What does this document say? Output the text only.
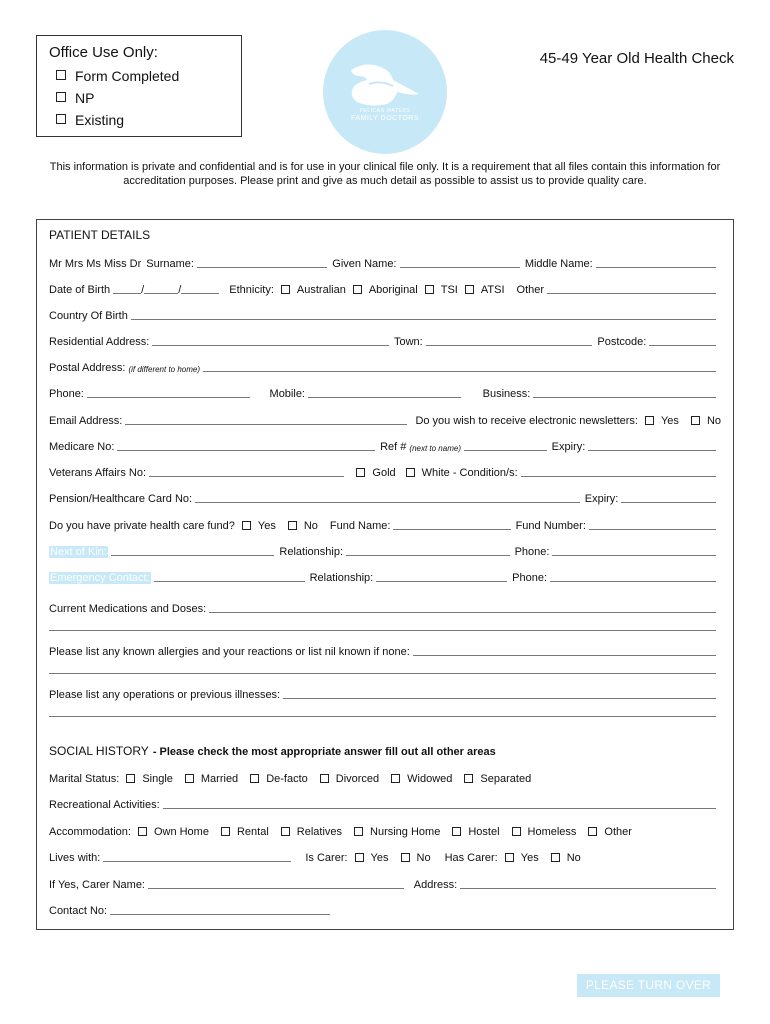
Office Use Only:
Form Completed
NP
Existing
PELICAN WATERS
FAMILY DOCTORS
45-49 Year Old Health Check
This information is private and confidential and is for use in your clinical file only. It is a requirement that all files contain this information for accreditation purposes. Please print and give as much detail as possible to assist us to provide quality care.
PATIENT DETAILS
Mr Mrs Ms Miss Dr Surname:	Given Name:	Middle Name:
Date of Birth	/	/	Ethnicity: Australian Aboriginal TSI ATSI Other
Country Of Birth
Residential Address:	Town:	Postcode:
Postal Address: (if different to home)
Phone:	Mobile:	Business:
Email Address:	Do you wish to receive electronic newsletters: Yes	No
Medicare No:	Ref # (next to name)	Expiry:
Veterans Affairs No:	Gold White - Condition/s:
Pension/Healthcare Card No:	Expiry:
Do you have private health care fund? Yes	No Fund Name:	Fund Number:
Next of Kin:	Relationship:	Phone:
Emergency Contact:	Relationship:	Phone:
Current Medications and Doses:
Please list any known allergies and your reactions or list nil known if none:
Please list any operations or previous illnesses:
SOCIAL HISTORY - Please check the most appropriate answer fill out all other areas
Marital Status: Single	Married	De-facto	Divorced	Widowed	Separated
Recreational Activities:
Accommodation: Own Home	Rental	Relatives	Nursing Home	Hostel	Homeless	Other
Lives with:	Is Carer: Yes	No Has Carer: Yes	No
If Yes, Carer Name:	Address:
Contact No:
PLEASE TURN OVER
